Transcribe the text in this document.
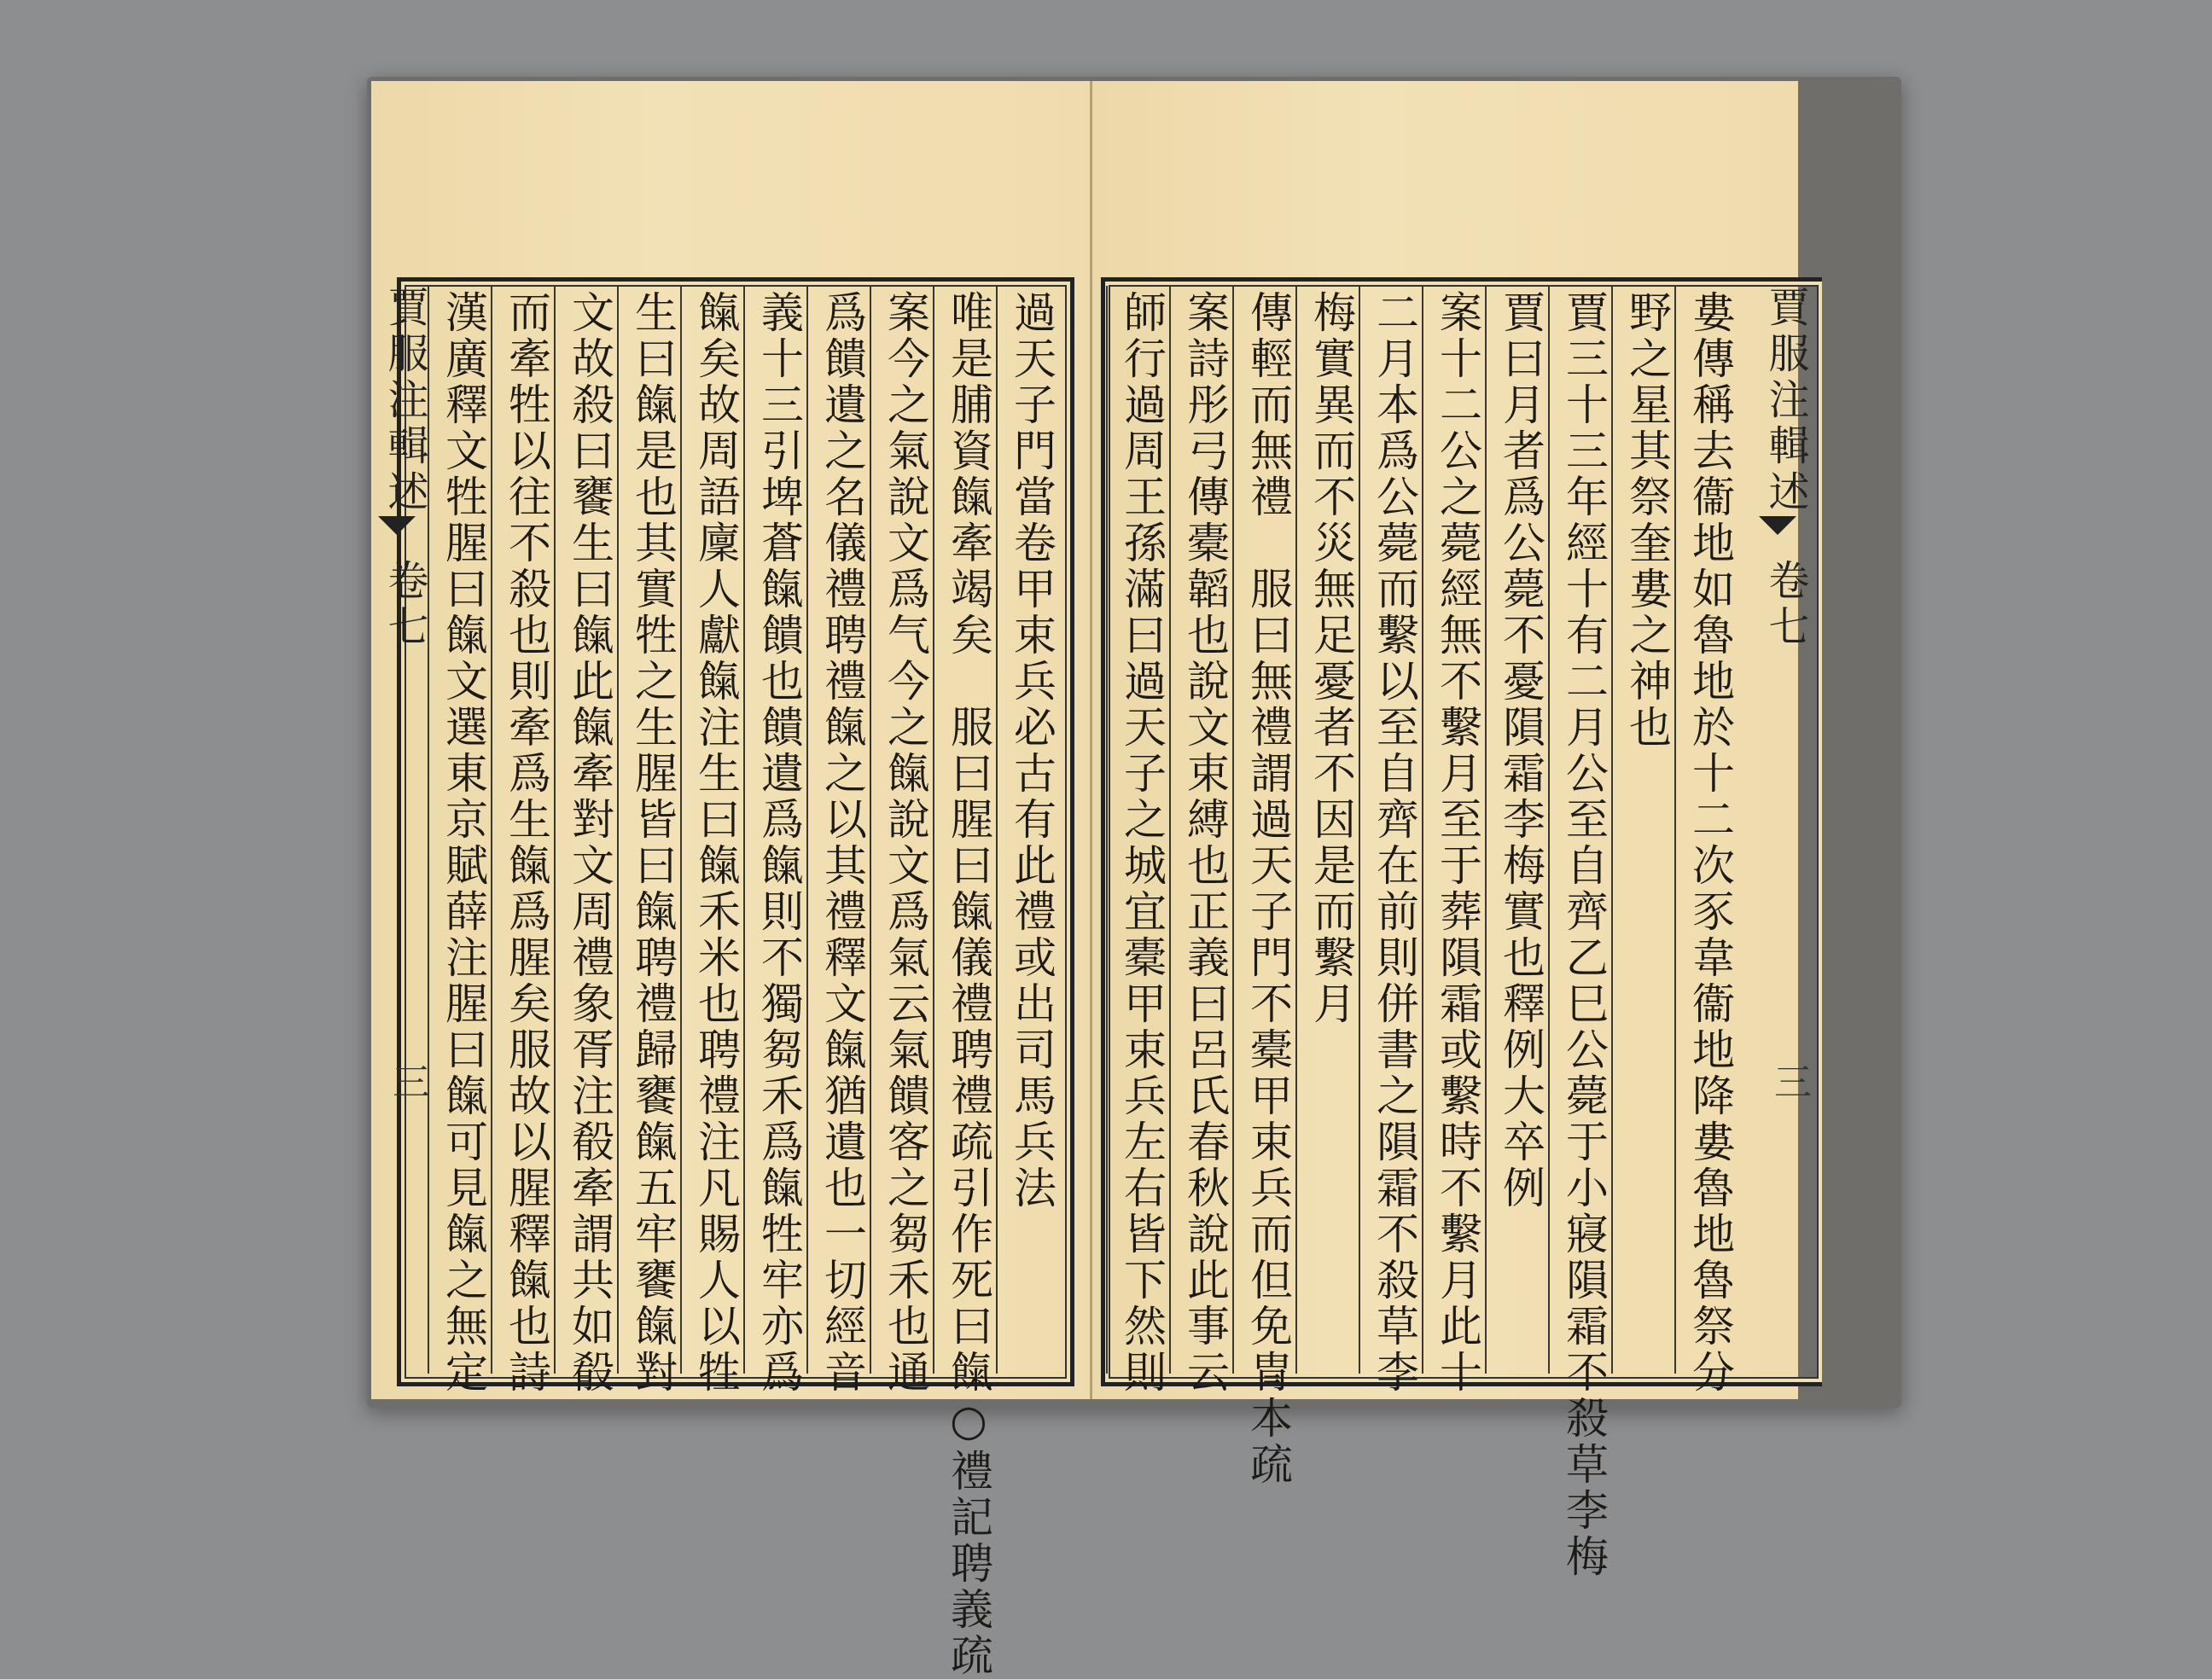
過天子門當卷甲束兵必古有此禮或出司馬兵法
唯是脯資餼牽竭矣　服曰腥曰餼儀禮聘禮疏引作死曰餼○禮記聘義疏
案今之氣說文爲气今之餼說文爲氣云氣饋客之芻禾也通
爲饋遺之名儀禮聘禮餼之以其禮釋文餼猶遺也一切經音
義十三引埤蒼餼饋也饋遺爲餼則不獨芻禾爲餼牲牢亦爲
餼矣故周語廩人獻餼注生曰餼禾米也聘禮注凡賜人以牲
生曰餼是也其實牲之生腥皆曰餼聘禮歸饔餼五牢饔餼對
文故殺曰饔生曰餼此餼牽對文周禮象胥注殽牽謂共如殽
而牽牲以往不殺也則牽爲生餼爲腥矣服故以腥釋餼也詩
漢廣釋文牲腥曰餼文選東京賦薛注腥曰餼可見餼之無定
賈服注輯述
卷七
三	婁傳稱去衞地如魯地於十二次豕韋衞地降婁魯地魯祭分
野之星其祭奎婁之神也
賈三十三年經十有二月公至自齊乙巳公薨于小寢隕霜不殺草李梅
賈曰月者爲公薨不憂隕霜李梅實也釋例大卒例
案十二公之薨經無不繫月至于葬隕霜或繫時不繫月此十
二月本爲公薨而繫以至自齊在前則併書之隕霜不殺草李
梅實異而不災無足憂者不因是而繫月
傳輕而無禮　服曰無禮謂過天子門不橐甲束兵而但免冑本疏
案詩彤弓傳橐韜也說文束縛也正義曰呂氏春秋說此事云
師行過周王孫滿曰過天子之城宜橐甲束兵左右皆下然則	賈服注輯述
卷七
三
